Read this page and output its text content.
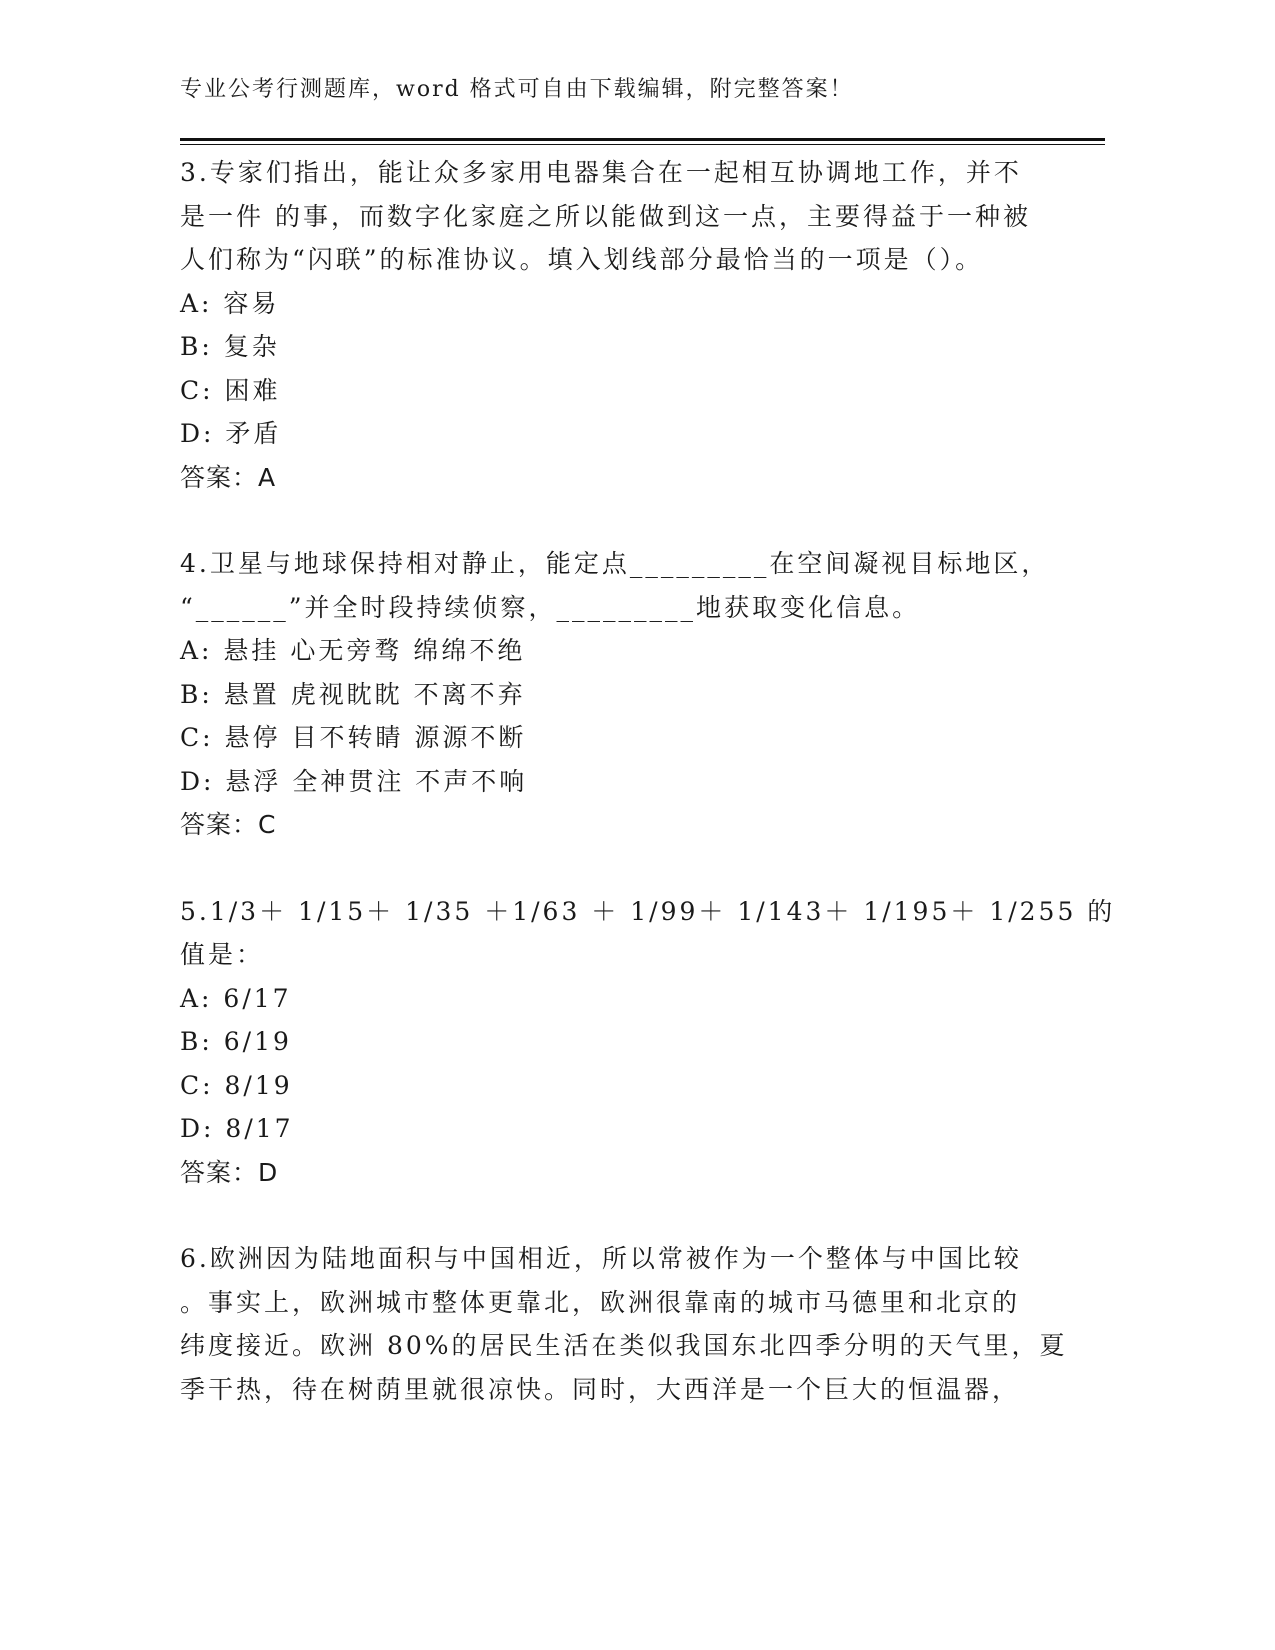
专业公考行测题库，word 格式可自由下载编辑，附完整答案！
3.专家们指出，能让众多家用电器集合在一起相互协调地工作，并不
是一件 的事，而数字化家庭之所以能做到这一点，主要得益于一种被
人们称为“闪联”的标准协议。填入划线部分最恰当的一项是（）。
A: 容易
B: 复杂
C: 困难
D: 矛盾
答案：A
4.卫星与地球保持相对静止，能定点_________在空间凝视目标地区，
“______”并全时段持续侦察，_________地获取变化信息。
A: 悬挂 心无旁骛 绵绵不绝
B: 悬置 虎视眈眈 不离不弃
C: 悬停 目不转睛 源源不断
D: 悬浮 全神贯注 不声不响
答案：C
5.1/3＋ 1/15＋ 1/35 ＋1/63 ＋ 1/99＋ 1/143＋ 1/195＋ 1/255 的
值是：
A: 6/17
B: 6/19
C: 8/19
D: 8/17
答案：D
6.欧洲因为陆地面积与中国相近，所以常被作为一个整体与中国比较
。事实上，欧洲城市整体更靠北，欧洲很靠南的城市马德里和北京的
纬度接近。欧洲 80%的居民生活在类似我国东北四季分明的天气里，夏
季干热，待在树荫里就很凉快。同时，大西洋是一个巨大的恒温器，
